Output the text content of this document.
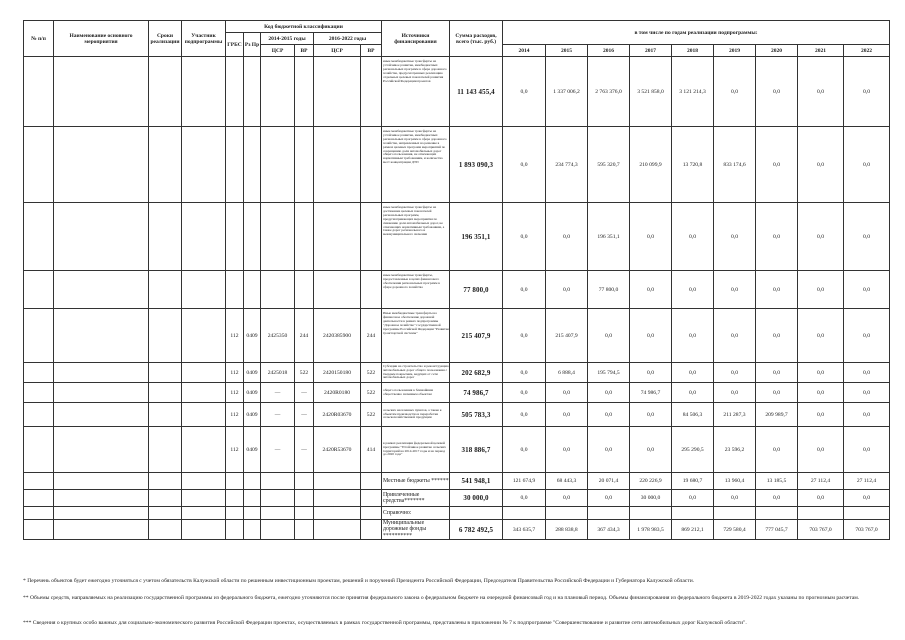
№ п/п	Наименование основного мероприятия	Сроки реализации	Участник подпрограммы	Код бюджетной классификации						Источники финансирования	Сумма расходов, всего (тыс. руб.)	в том числе по годам реализации подпрограммы:								
				ГРБС	Рз Пр	2014-2015 годы		2016-2022 годы												
						ЦСР	ВР	ЦСР	ВР			2014	2015	2016	2017	2018	2019	2020	2021	2022
										иные межбюджетные трансферты на устойчивое развитие, межбюджетных региональных программ в сфере дорожного хозяйства, предусмотренных реализацию отдельных целевых показателей развития Российской Федерации проектов	11 143 455,4	0,0	1 337 006,2	2 763 376,0	3 521 858,0	3 121 214,3	0,0	0,0	0,0	0,0
										иные межбюджетные трансферты на устойчивое развитие, межбюджетных региональных программ в сфере дорожного хозяйства, направленных на решение в рамках целевых программ мероприятий по сокращению доли автомобильных дорог общего пользования, не отвечающих нормативным требованиям, и количества мест концентрации ДТП	1 893 090,3	0,0	234 774,3	595 320,7	210 099,9	13 720,8	833 174,6	0,0	0,0	0,0
										иные межбюджетные трансферты на достижение целевых показателей региональных программ, предусматривающих мероприятия по снижению доли автомобильных дорог, не отвечающих нормативным требованиям, а также дорог регионального и межмуниципального значения	196 351,1	0,0	0,0	196 351,1	0,0	0,0	0,0	0,0	0,0	0,0
										иные межбюджетные трансферты, предоставленные в целях финансового обеспечения региональных программ в сфере дорожного хозяйства	77 800,0	0,0	0,0	77 800,0	0,0	0,0	0,0	0,0	0,0	0,0
				112	0409	2425350	244	2420385900	244	Иные межбюджетные трансферты на финансовое обеспечение дорожной деятельности в рамках подпрограммы "Дорожное хозяйство" государственной программы Российской Федерации "Развитие транспортной системы"	215 407,9	0,0	215 407,9	0,0	0,0	0,0	0,0	0,0	0,0	0,0
				112	0409	2425018	522	2420150180	522	Субсидии на строительство и реконструкцию автомобильных дорог общего пользования с твердым покрытием, ведущих от сети автомобильных дорог	202 682,9	0,0	6 888,4	195 794,5	0,0	0,0	0,0	0,0	0,0	0,0
				112	0409	—	—	2420R0180	522	общего пользования к ближайшим общественно значимым объектам	74 986,7	0,0	0,0	0,0	74 986,7	0,0	0,0	0,0	0,0	0,0
				112	0409	—	—	2420R03670	522	сельских населенных пунктов, а также к объектам производства и переработки сельскохозяйственной продукции	505 783,3	0,0	0,0	0,0	0,0	84 506,3	211 287,3	209 989,7	0,0	0,0
				112	0409	—	—	2420R53670	414	в рамках реализации федеральной целевой программы "Устойчивое развитие сельских территорий на 2014-2017 годы и на период до 2020 года"	318 886,7	0,0	0,0	0,0	0,0	295 290,5	23 596,2	0,0	0,0	0,0
										Местные бюджеты ******	541 948,1	121 674,9	68 443,3	20 071,4	220 226,9	19 680,7	13 960,4	13 185,5	27 112,4	27 112,4
										Привлеченные средства*******	30 000,0	0,0	0,0	0,0	30 000,0	0,0	0,0	0,0	0,0	0,0
										Справочно:										
										Муниципальные дорожные фонды **********	6 782 492,5	343 635,7	288 838,8	367 434,3	1 978 983,5	869 212,1	729 580,4	777 045,7	703 767,0	703 767,0
* Перечень объектов будет ежегодно уточняться с учетом обязательств Калужской области по решенным инвестиционным проектам, решений и поручений Президента Российской Федерации, Председателя Правительства Российской Федерации и Губернатора Калужской области.
** Объемы средств, направляемых на реализацию государственной программы из федерального бюджета, ежегодно уточняются после принятия федерального закона о федеральном бюджете на очередной финансовый год и на плановый период. Объемы финансирования из федерального бюджета в 2019-2022 годах указаны по прогнозным расчетам.
*** Сведения о крупных особо важных для социально-экономического развития Российской Федерации проектах, осуществляемых в рамках государственной программы, представлены в приложении № 7 к подпрограмме "Совершенствование и развитие сети автомобильных дорог Калужской области".
